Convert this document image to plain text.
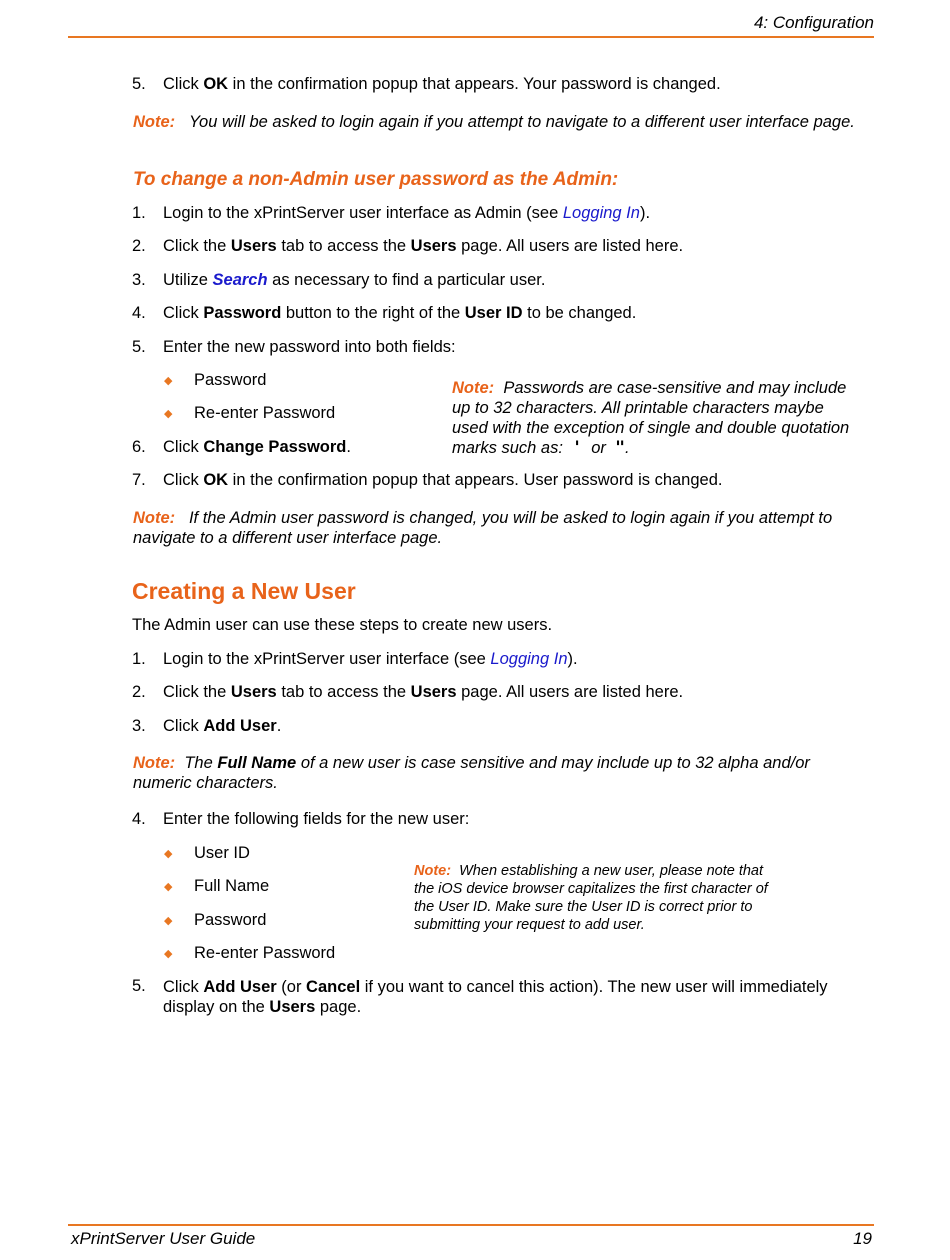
4: Configuration
5. Click OK in the confirmation popup that appears. Your password is changed.
Note: You will be asked to login again if you attempt to navigate to a different user interface page.
To change a non-Admin user password as the Admin:
1. Login to the xPrintServer user interface as Admin (see Logging In).
2. Click the Users tab to access the Users page. All users are listed here.
3. Utilize Search as necessary to find a particular user.
4. Click Password button to the right of the User ID to be changed.
5. Enter the new password into both fields:
◆ Password
◆ Re-enter Password
Note: Passwords are case-sensitive and may include up to 32 characters. All printable characters maybe used with the exception of single and double quotation marks such as: ' or ".
6. Click Change Password.
7. Click OK in the confirmation popup that appears. User password is changed.
Note: If the Admin user password is changed, you will be asked to login again if you attempt to navigate to a different user interface page.
Creating a New User
The Admin user can use these steps to create new users.
1. Login to the xPrintServer user interface (see Logging In).
2. Click the Users tab to access the Users page. All users are listed here.
3. Click Add User.
Note: The Full Name of a new user is case sensitive and may include up to 32 alpha and/or numeric characters.
4. Enter the following fields for the new user:
◆ User ID
◆ Full Name
◆ Password
◆ Re-enter Password
Note: When establishing a new user, please note that the iOS device browser capitalizes the first character of the User ID. Make sure the User ID is correct prior to submitting your request to add user.
5. Click Add User (or Cancel if you want to cancel this action). The new user will immediately display on the Users page.
xPrintServer User Guide	19
